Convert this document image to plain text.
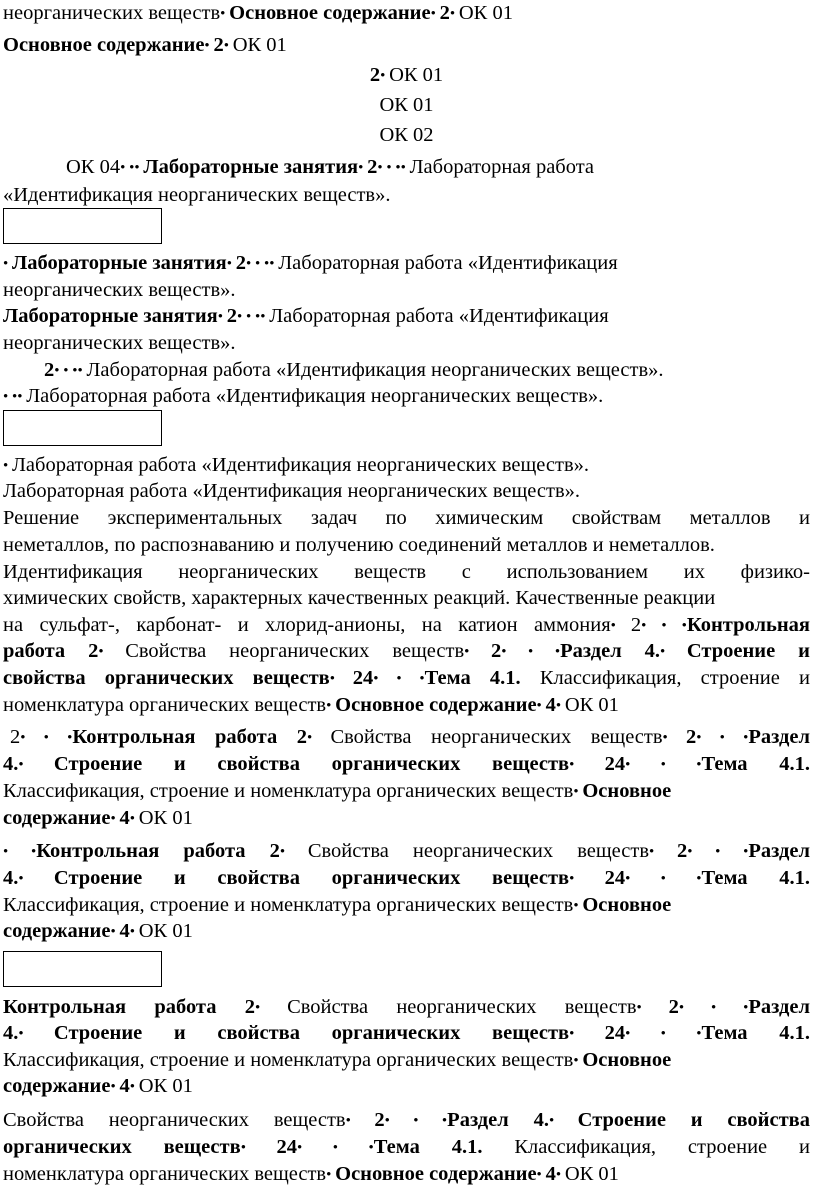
неорганических веществ• Основное содержание• 2• ОК 01
Основное содержание• 2• ОК 01
2• ОК 01
ОК 01
ОК 02
ОК 04• •• Лабораторные занятия• 2• • •• Лабораторная работа
«Идентификация неорганических веществ».
• Лабораторные занятия• 2• • •• Лабораторная работа «Идентификация
неорганических веществ».
Лабораторные занятия• 2• • •• Лабораторная работа «Идентификация
неорганических веществ».
2• • •• Лабораторная работа «Идентификация неорганических веществ».
• •• Лабораторная работа «Идентификация неорганических веществ».
• Лабораторная работа «Идентификация неорганических веществ».
Лабораторная работа «Идентификация неорганических веществ».
Решение экспериментальных задач по химическим свойствам металлов и
неметаллов, по распознаванию и получению соединений металлов и неметаллов.
Идентификация неорганических веществ с использованием их физико-
химических свойств, характерных качественных реакций. Качественные реакции
на сульфат-, карбонат- и хлорид-анионы, на катион аммония• 2• • •Контрольная
работа 2• Свойства неорганических веществ• 2• • •Раздел 4.• Строение и
свойства органических веществ• 24• • •Тема 4.1. Классификация, строение и
номенклатура органических веществ• Основное содержание• 4• ОК 01
2• • •Контрольная работа 2• Свойства неорганических веществ• 2• • •Раздел
4.• Строение и свойства органических веществ• 24• • •Тема 4.1.
Классификация, строение и номенклатура органических веществ• Основное
содержание• 4• ОК 01
• •Контрольная работа 2• Свойства неорганических веществ• 2• • •Раздел
4.• Строение и свойства органических веществ• 24• • •Тема 4.1.
Классификация, строение и номенклатура органических веществ• Основное
содержание• 4• ОК 01
Контрольная работа 2• Свойства неорганических веществ• 2• • •Раздел
4.• Строение и свойства органических веществ• 24• • •Тема 4.1.
Классификация, строение и номенклатура органических веществ• Основное
содержание• 4• ОК 01
Свойства неорганических веществ• 2• • •Раздел 4.• Строение и свойства
органических веществ• 24• • •Тема 4.1. Классификация, строение и
номенклатура органических веществ• Основное содержание• 4• ОК 01
